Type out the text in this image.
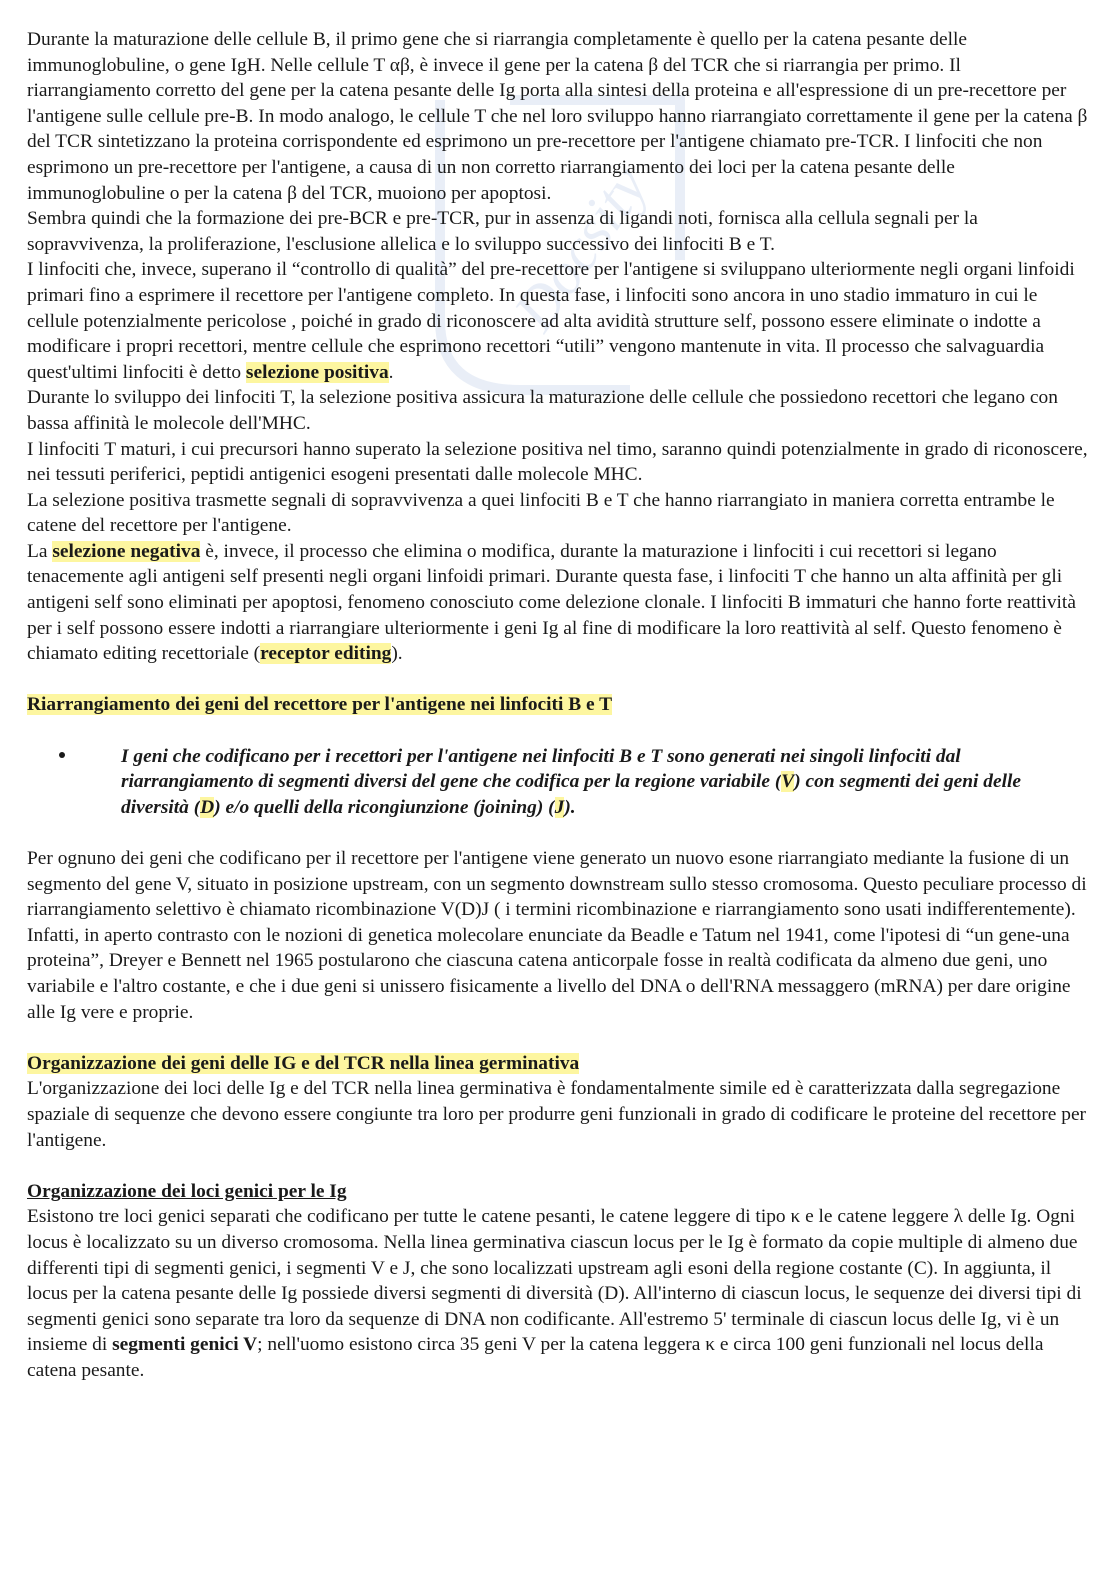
Docsity

Durante la maturazione delle cellule B, il primo gene che si riarrangia completamente è quello per la catena pesante delle immunoglobuline, o gene IgH. Nelle cellule T αβ, è invece il gene per la catena β del TCR che si riarrangia per primo. Il riarrangiamento corretto del gene per la catena pesante delle Ig porta alla sintesi della proteina e all'espressione di un pre-recettore per l'antigene sulle cellule pre-B. In modo analogo, le cellule T che nel loro sviluppo hanno riarrangiato correttamente il gene per la catena β del TCR sintetizzano la proteina corrispondente ed esprimono un pre-recettore per l'antigene chiamato pre-TCR. I linfociti che non esprimono un pre-recettore per l'antigene, a causa di un non corretto riarrangiamento dei loci per la catena pesante delle immunoglobuline o per la catena β del TCR, muoiono per apoptosi.

Sembra quindi che la formazione dei pre-BCR e pre-TCR, pur in assenza di ligandi noti, fornisca alla cellula segnali per la sopravvivenza, la proliferazione, l'esclusione allelica e lo sviluppo successivo dei linfociti B e T.

I linfociti che, invece, superano il “controllo di qualità” del pre-recettore per l'antigene si sviluppano ulteriormente negli organi linfoidi primari fino a esprimere il recettore per l'antigene completo. In questa fase, i linfociti sono ancora in uno stadio immaturo in cui le cellule potenzialmente pericolose , poiché in grado di riconoscere ad alta avidità strutture self, possono essere eliminate o indotte a modificare i propri recettori, mentre cellule che esprimono recettori “utili” vengono mantenute in vita. Il processo che salvaguardia quest'ultimi linfociti è detto selezione positiva.

Durante lo sviluppo dei linfociti T, la selezione positiva assicura la maturazione delle cellule che possiedono recettori che legano con bassa affinità le molecole dell'MHC.

I linfociti T maturi, i cui precursori hanno superato la selezione positiva nel timo, saranno quindi potenzialmente in grado di riconoscere, nei tessuti periferici, peptidi antigenici esogeni presentati dalle molecole MHC.

La selezione positiva trasmette segnali di sopravvivenza a quei linfociti B e T che hanno riarrangiato in maniera corretta entrambe le catene del recettore per l'antigene.

La selezione negativa è, invece, il processo che elimina o modifica, durante la maturazione i linfociti i cui recettori si legano tenacemente agli antigeni self presenti negli organi linfoidi primari. Durante questa fase, i linfociti T che hanno un alta affinità per gli antigeni self sono eliminati per apoptosi, fenomeno conosciuto come delezione clonale. I linfociti B immaturi che hanno forte reattività per i self possono essere indotti a riarrangiare ulteriormente i geni Ig al fine di modificare la loro reattività al self. Questo fenomeno è chiamato editing recettoriale (receptor editing).

Riarrangiamento dei geni del recettore per l'antigene nei linfociti B e T

I geni che codificano per i recettori per l'antigene nei linfociti B e T sono generati nei singoli linfociti dal riarrangiamento di segmenti diversi del gene che codifica per la regione variabile (V) con segmenti dei geni delle diversità (D) e/o quelli della ricongiunzione (joining) (J).

Per ognuno dei geni che codificano per il recettore per l'antigene viene generato un nuovo esone riarrangiato mediante la fusione di un segmento del gene V, situato in posizione upstream, con un segmento downstream sullo stesso cromosoma. Questo peculiare processo di riarrangiamento selettivo è chiamato ricombinazione V(D)J ( i termini ricombinazione e riarrangiamento sono usati indifferentemente). Infatti, in aperto contrasto con le nozioni di genetica molecolare enunciate da Beadle e Tatum nel 1941, come l'ipotesi di “un gene-una proteina”, Dreyer e Bennett nel 1965 postularono che ciascuna catena anticorpale fosse in realtà codificata da almeno due geni, uno variabile e l'altro costante, e che i due geni si unissero fisicamente a livello del DNA o dell'RNA messaggero (mRNA) per dare origine alle Ig vere e proprie.

Organizzazione dei geni delle IG e del TCR nella linea germinativa

L'organizzazione dei loci delle Ig e del TCR nella linea germinativa è fondamentalmente simile ed è caratterizzata dalla segregazione spaziale di sequenze che devono essere congiunte tra loro per produrre geni funzionali in grado di codificare le proteine del recettore per l'antigene.

Organizzazione dei loci genici per le Ig

Esistono tre loci genici separati che codificano per tutte le catene pesanti, le catene leggere di tipo κ e le catene leggere λ delle Ig. Ogni locus è localizzato su un diverso cromosoma. Nella linea germinativa ciascun locus per le Ig è formato da copie multiple di almeno due differenti tipi di segmenti genici, i segmenti V e J, che sono localizzati upstream agli esoni della regione costante (C). In aggiunta, il locus per la catena pesante delle Ig possiede diversi segmenti di diversità (D). All'interno di ciascun locus, le sequenze dei diversi tipi di segmenti genici sono separate tra loro da sequenze di DNA non codificante. All'estremo 5' terminale di ciascun locus delle Ig, vi è un insieme di segmenti genici V; nell'uomo esistono circa 35 geni V per la catena leggera κ e circa 100 geni funzionali nel locus della catena pesante.
